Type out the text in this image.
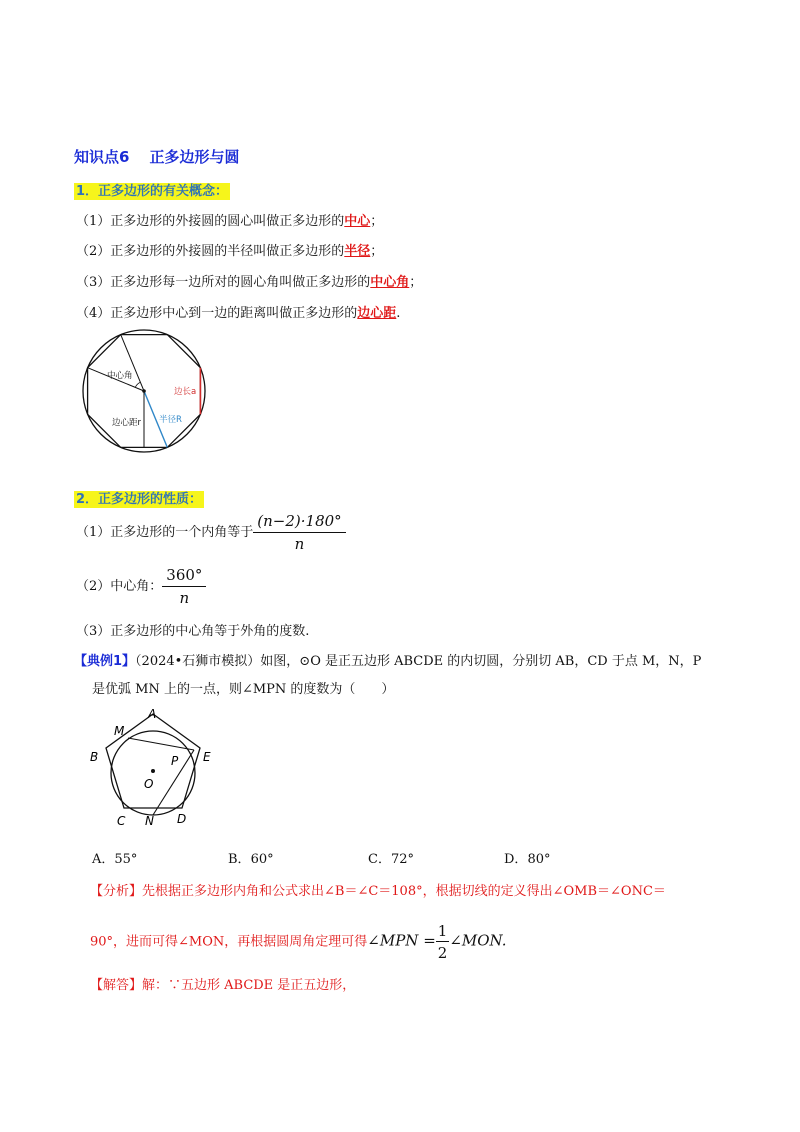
知识点6 正多边形与圆
1．正多边形的有关概念：
（1）正多边形的外接圆的圆心叫做正多边形的中心；
（2）正多边形的外接圆的半径叫做正多边形的半径；
（3）正多边形每一边所对的圆心角叫做正多边形的中心角；
（4）正多边形中心到一边的距离叫做正多边形的边心距.
中心角
边长a
半径R
边心距r
2．正多边形的性质：
（1）正多边形的一个内角等于 $\frac{(n-2)\cdot 180^\circ}{n}$
（2）中心角： $\frac{360^\circ}{n}$
（3）正多边形的中心角等于外角的度数.
【典例1】（2024•石狮市模拟）如图，⊙O 是正五边形 ABCDE 的内切圆，分别切 AB，CD 于点 M，N，P
是优弧 MN 上的一点，则∠MPN 的度数为（　　）
A
B
C	D
E
M
N
P
O
A．55°	B．60°	C．72°	D．80°
【分析】先根据正多边形内角和公式求出∠B＝∠C＝108°，根据切线的定义得出∠OMB＝∠ONC＝
90°，进而可得∠MON，再根据圆周角定理可得∠MPN = $\frac{1}{2}$ ∠MON.
【解答】解：∵五边形 ABCDE 是正五边形，
